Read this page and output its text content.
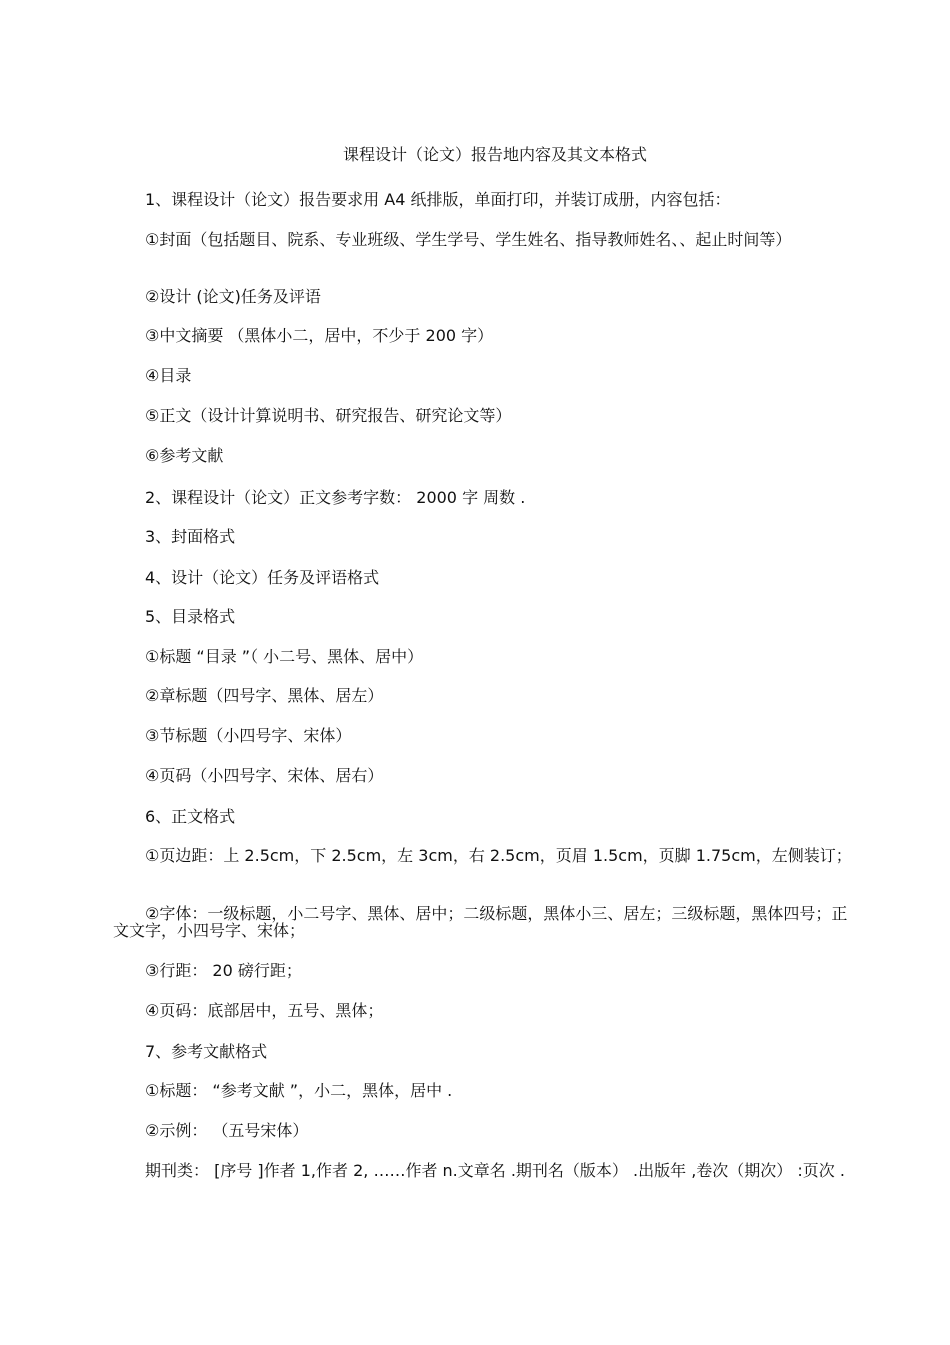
课程设计（论文）报告地内容及其文本格式
1、课程设计（论文）报告要求用 A4 纸排版，单面打印，并装订成册，内容包括：
①封面（包括题目、院系、专业班级、学生学号、学生姓名、指导教师姓名、、起止时间等）
②设计 (论文)任务及评语
③中文摘要 （黑体小二，居中，不少于 200 字）
④目录
⑤正文（设计计算说明书、研究报告、研究论文等）
⑥参考文献
2、课程设计（论文）正文参考字数： 2000 字 周数 .
3、封面格式
4、设计（论文）任务及评语格式
5、目录格式
①标题 “目录 ”（ 小二号、黑体、居中）
②章标题（四号字、黑体、居左）
③节标题（小四号字、宋体）
④页码（小四号字、宋体、居右）
6、正文格式
①页边距：上 2.5cm，下 2.5cm，左 3cm，右 2.5cm，页眉 1.5cm，页脚 1.75cm，左侧装订；
②字体：一级标题，小二号字、黑体、居中；二级标题，黑体小三、居左；三级标题，黑体四号；正文文字，小四号字、宋体；
③行距： 20 磅行距；
④页码：底部居中，五号、黑体；
7、参考文献格式
①标题： “参考文献 ”，小二，黑体，居中 .
②示例： （五号宋体）
期刊类： [序号 ]作者 1,作者 2, ……作者 n.文章名 .期刊名（版本） .出版年 ,卷次（期次） :页次 .
